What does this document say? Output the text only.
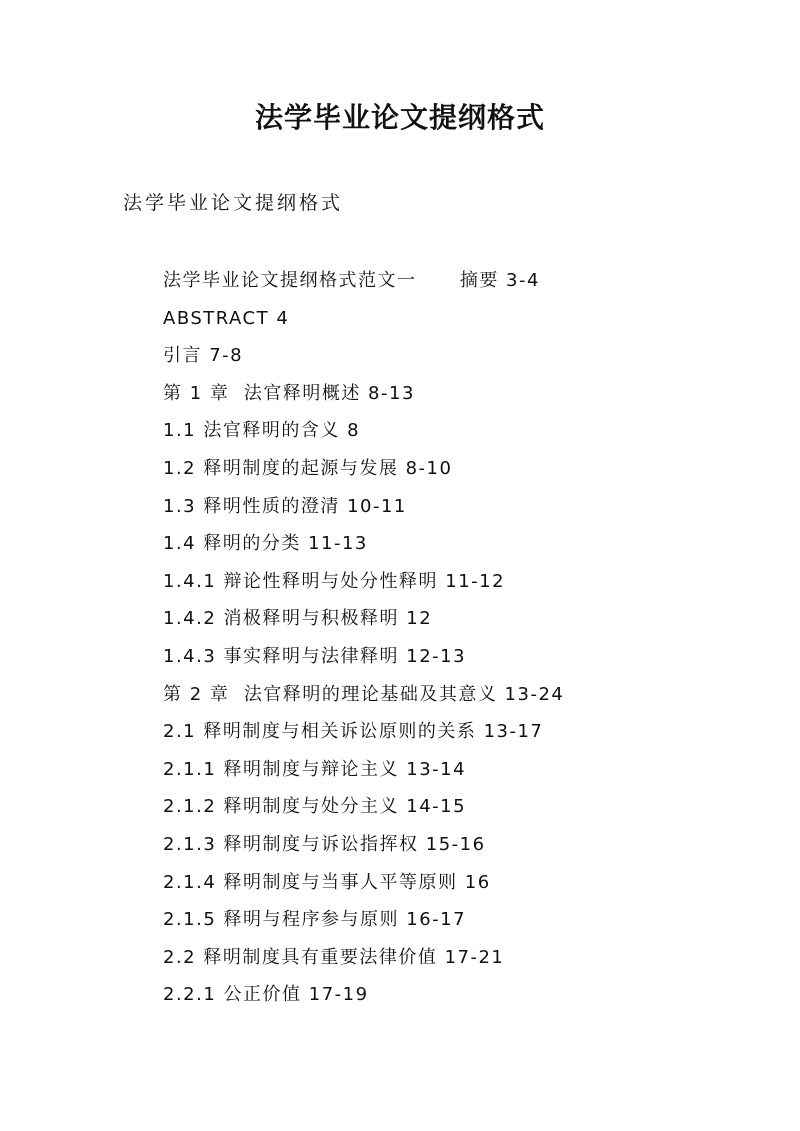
法学毕业论文提纲格式
法学毕业论文提纲格式
法学毕业论文提纲格式范文一      摘要 3-4
ABSTRACT 4
引言 7-8
第 1 章  法官释明概述 8-13
1.1 法官释明的含义 8
1.2 释明制度的起源与发展 8-10
1.3 释明性质的澄清 10-11
1.4 释明的分类 11-13
1.4.1 辩论性释明与处分性释明 11-12
1.4.2 消极释明与积极释明 12
1.4.3 事实释明与法律释明 12-13
第 2 章  法官释明的理论基础及其意义 13-24
2.1 释明制度与相关诉讼原则的关系 13-17
2.1.1 释明制度与辩论主义 13-14
2.1.2 释明制度与处分主义 14-15
2.1.3 释明制度与诉讼指挥权 15-16
2.1.4 释明制度与当事人平等原则 16
2.1.5 释明与程序参与原则 16-17
2.2 释明制度具有重要法律价值 17-21
2.2.1 公正价值 17-19
